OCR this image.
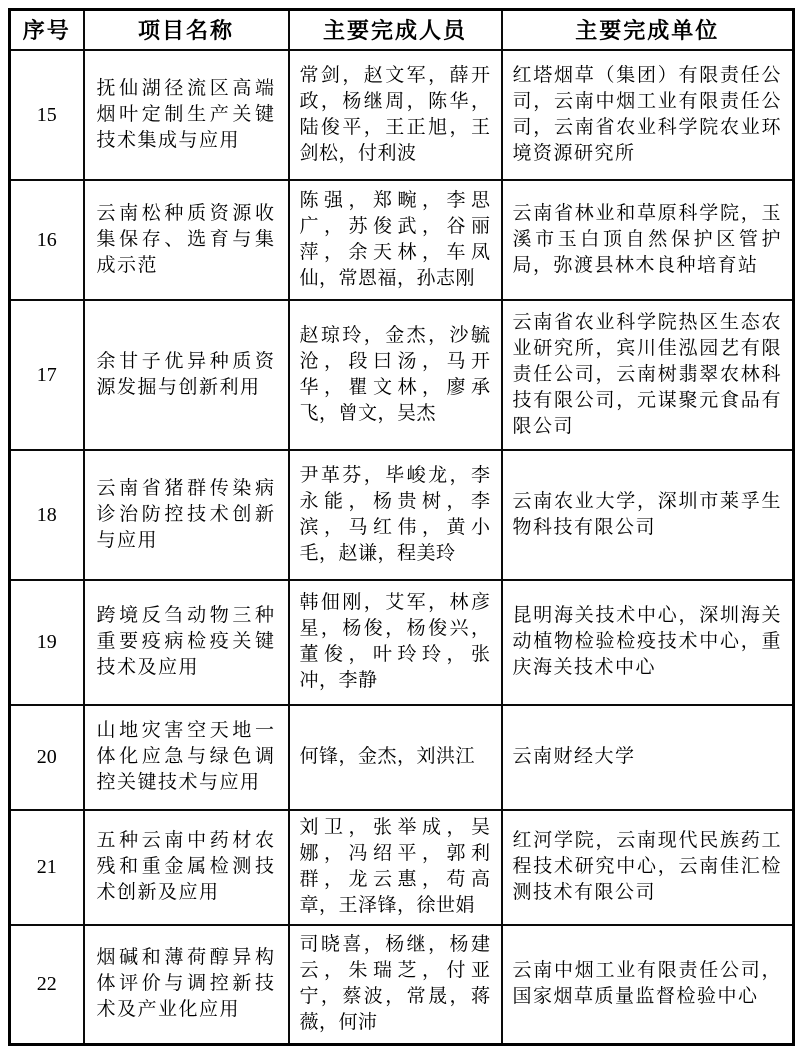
序号	项目名称	主要完成人员	主要完成单位
15	抚仙湖径流区高端烟叶定制生产关键技术集成与应用	常剑，赵文军，薛开政，杨继周，陈华，陆俊平，王正旭，王剑松，付利波	红塔烟草（集团）有限责任公司，云南中烟工业有限责任公司，云南省农业科学院农业环境资源研究所
16	云南松种质资源收集保存、选育与集成示范	陈强，郑畹，李思广，苏俊武，谷丽萍，余天林，车凤仙，常恩福，孙志刚	云南省林业和草原科学院，玉溪市玉白顶自然保护区管护局，弥渡县林木良种培育站
17	余甘子优异种质资源发掘与创新利用	赵琼玲，金杰，沙毓沧，段曰汤，马开华，瞿文林，廖承飞，曾文，吴杰	云南省农业科学院热区生态农业研究所，宾川佳泓园艺有限责任公司，云南树翡翠农林科技有限公司，元谋聚元食品有限公司
18	云南省猪群传染病诊治防控技术创新与应用	尹革芬，毕峻龙，李永能，杨贵树，李滨，马红伟，黄小毛，赵谦，程美玲	云南农业大学，深圳市莱孚生物科技有限公司
19	跨境反刍动物三种重要疫病检疫关键技术及应用	韩佃刚，艾军，林彦星，杨俊，杨俊兴，董俊，叶玲玲，张冲，李静	昆明海关技术中心，深圳海关动植物检验检疫技术中心，重庆海关技术中心
20	山地灾害空天地一体化应急与绿色调控关键技术与应用	何锋，金杰，刘洪江	云南财经大学
21	五种云南中药材农残和重金属检测技术创新及应用	刘卫，张举成，吴娜，冯绍平，郭利群，龙云惠，苟高章，王泽锋，徐世娟	红河学院，云南现代民族药工程技术研究中心，云南佳汇检测技术有限公司
22	烟碱和薄荷醇异构体评价与调控新技术及产业化应用	司晓喜，杨继，杨建云，朱瑞芝，付亚宁，蔡波，常晟，蒋薇，何沛	云南中烟工业有限责任公司，国家烟草质量监督检验中心
